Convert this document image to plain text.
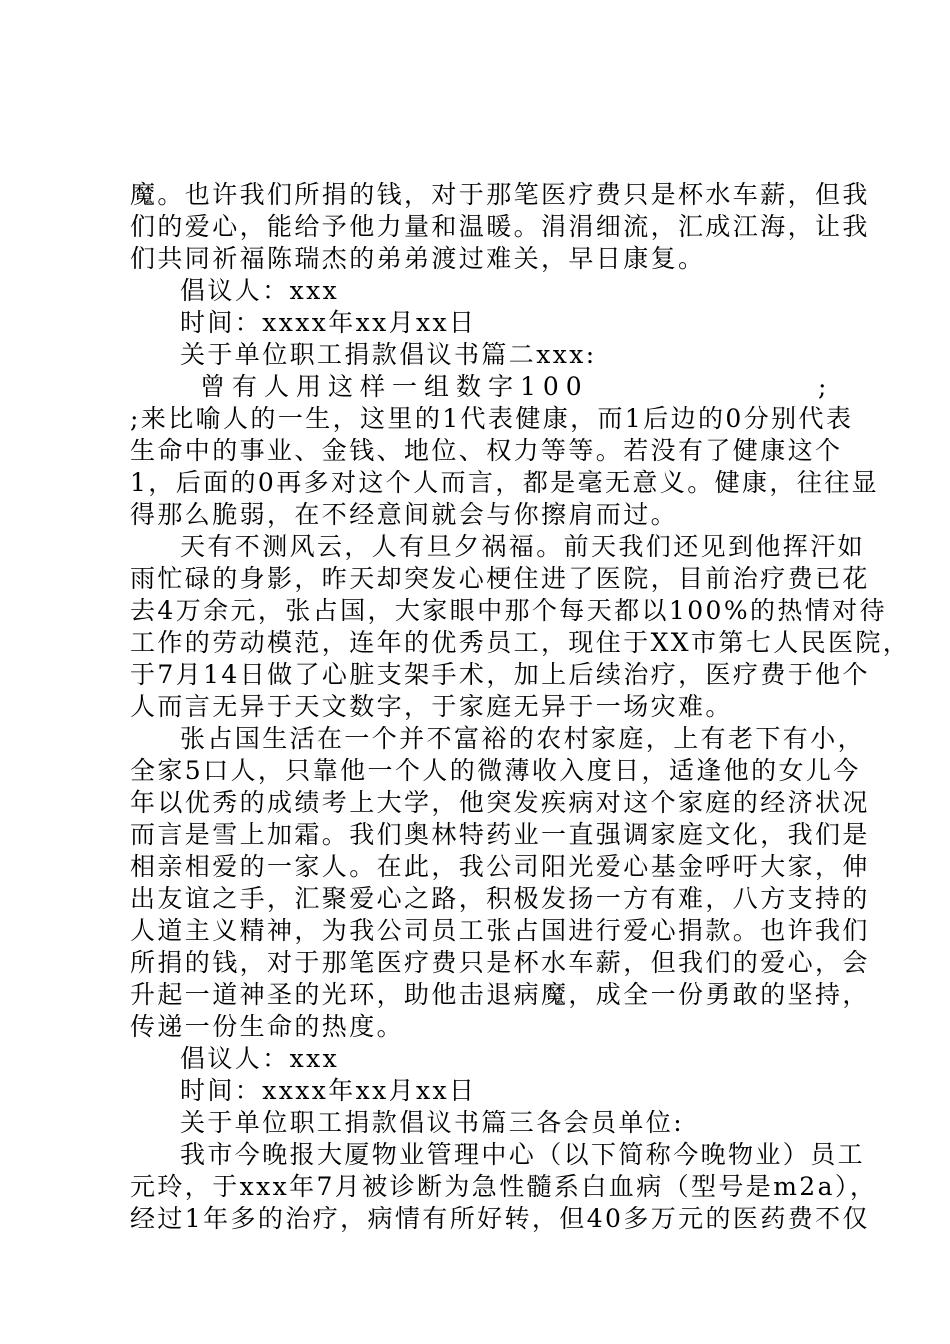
魔。也许我们所捐的钱，对于那笔医疗费只是杯水车薪，但我
们的爱心，能给予他力量和温暖。涓涓细流，汇成江海，让我
们共同祈福陈瑞杰的弟弟渡过难关，早日康复。
倡议人：xxx
时间：xxxx年xx月xx日
关于单位职工捐款倡议书篇二xxx:
曾有人用这样一组数字100	;
;来比喻人的一生，这里的1代表健康，而1后边的0分别代表
生命中的事业、金钱、地位、权力等等。若没有了健康这个
1，后面的0再多对这个人而言，都是毫无意义。健康，往往显
得那么脆弱，在不经意间就会与你擦肩而过。
天有不测风云，人有旦夕祸福。前天我们还见到他挥汗如
雨忙碌的身影，昨天却突发心梗住进了医院，目前治疗费已花
去4万余元，张占国，大家眼中那个每天都以100%的热情对待
工作的劳动模范，连年的优秀员工，现住于XX市第七人民医院，
于7月14日做了心脏支架手术，加上后续治疗，医疗费于他个
人而言无异于天文数字，于家庭无异于一场灾难。
张占国生活在一个并不富裕的农村家庭，上有老下有小，
全家5口人，只靠他一个人的微薄收入度日，适逢他的女儿今
年以优秀的成绩考上大学，他突发疾病对这个家庭的经济状况
而言是雪上加霜。我们奥林特药业一直强调家庭文化，我们是
相亲相爱的一家人。在此，我公司阳光爱心基金呼吁大家，伸
出友谊之手，汇聚爱心之路，积极发扬一方有难，八方支持的
人道主义精神，为我公司员工张占国进行爱心捐款。也许我们
所捐的钱，对于那笔医疗费只是杯水车薪，但我们的爱心，会
升起一道神圣的光环，助他击退病魔，成全一份勇敢的坚持，
传递一份生命的热度。
倡议人：xxx
时间：xxxx年xx月xx日
关于单位职工捐款倡议书篇三各会员单位:
我市今晚报大厦物业管理中心（以下简称今晚物业）员工
元玲，于xxx年7月被诊断为急性髓系白血病（型号是m2a），
经过1年多的治疗，病情有所好转，但40多万元的医药费不仅
